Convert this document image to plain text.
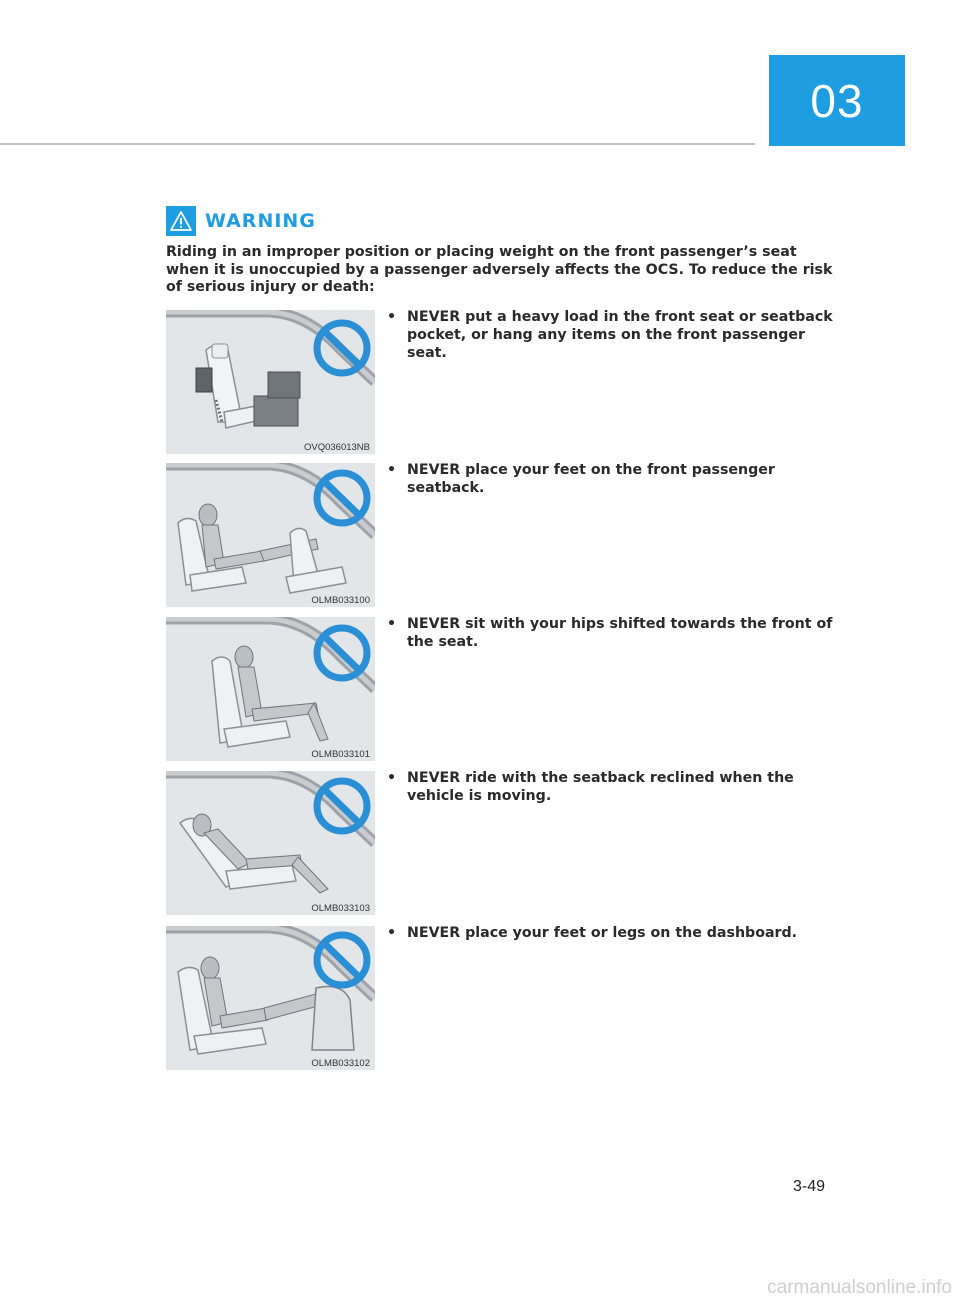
03
WARNING
Riding in an improper position or placing weight on the front passenger’s seat when it is unoccupied by a passenger adversely affects the OCS. To reduce the risk of serious injury or death:
OVQ036013NB
• NEVER put a heavy load in the front seat or seatback pocket, or hang any items on the front passenger seat.
OLMB033100
• NEVER place your feet on the front passenger seatback.
OLMB033101
• NEVER sit with your hips shifted towards the front of the seat.
OLMB033103
• NEVER ride with the seatback reclined when the vehicle is moving.
OLMB033102
• NEVER place your feet or legs on the dashboard.
3-49
carmanualsonline.info
